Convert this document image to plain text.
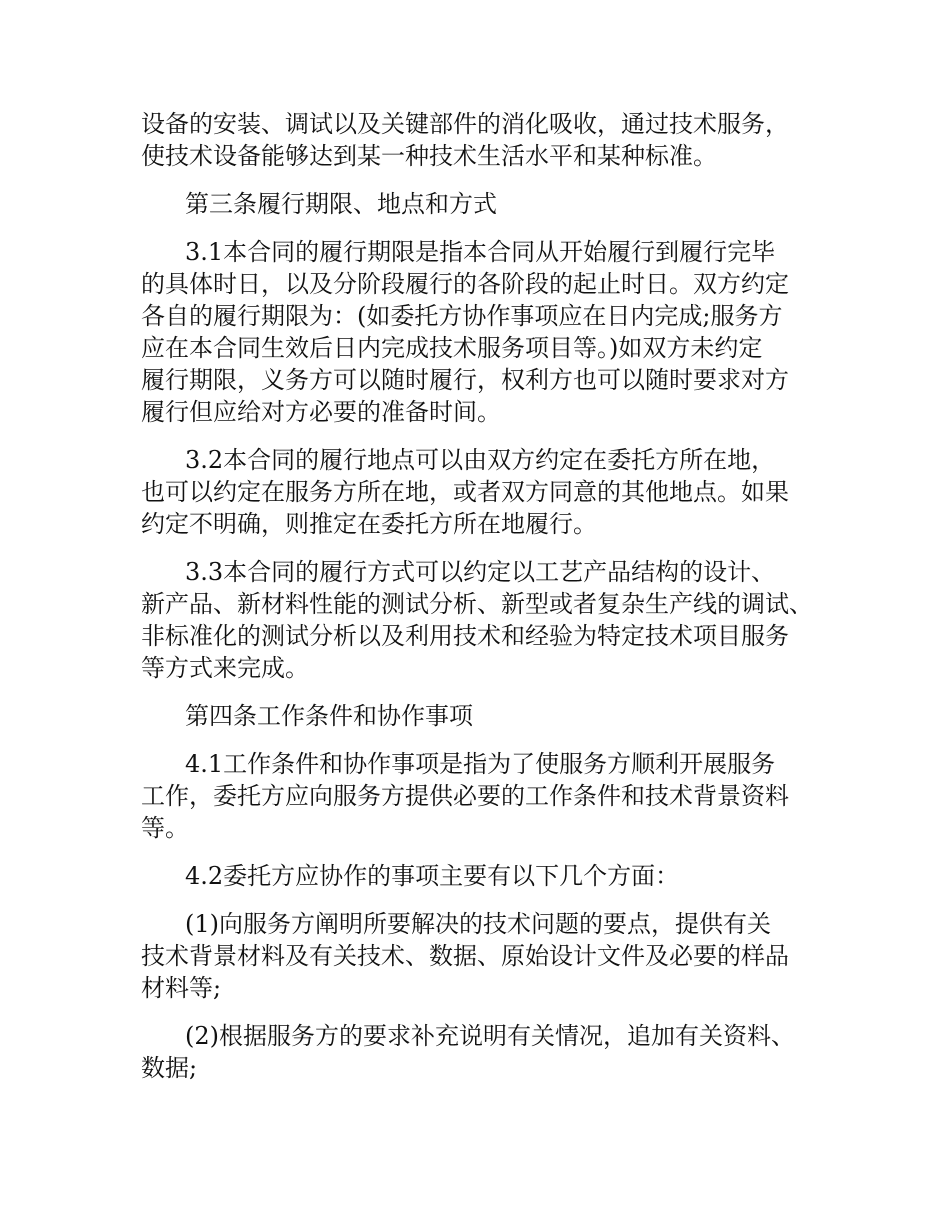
设备的安装、调试以及关键部件的消化吸收，通过技术服务，
使技术设备能够达到某一种技术生活水平和某种标准。

第三条履行期限、地点和方式

3.1本合同的履行期限是指本合同从开始履行到履行完毕
的具体时日，以及分阶段履行的各阶段的起止时日。双方约定
各自的履行期限为：(如委托方协作事项应在日内完成;服务方
应在本合同生效后日内完成技术服务项目等。)如双方未约定
履行期限，义务方可以随时履行，权利方也可以随时要求对方
履行但应给对方必要的准备时间。

3.2本合同的履行地点可以由双方约定在委托方所在地，
也可以约定在服务方所在地，或者双方同意的其他地点。如果
约定不明确，则推定在委托方所在地履行。

3.3本合同的履行方式可以约定以工艺产品结构的设计、
新产品、新材料性能的测试分析、新型或者复杂生产线的调试、
非标准化的测试分析以及利用技术和经验为特定技术项目服务
等方式来完成。

第四条工作条件和协作事项

4.1工作条件和协作事项是指为了使服务方顺利开展服务
工作，委托方应向服务方提供必要的工作条件和技术背景资料
等。

4.2委托方应协作的事项主要有以下几个方面：

(1)向服务方阐明所要解决的技术问题的要点，提供有关
技术背景材料及有关技术、数据、原始设计文件及必要的样品
材料等;

(2)根据服务方的要求补充说明有关情况，追加有关资料、
数据;
